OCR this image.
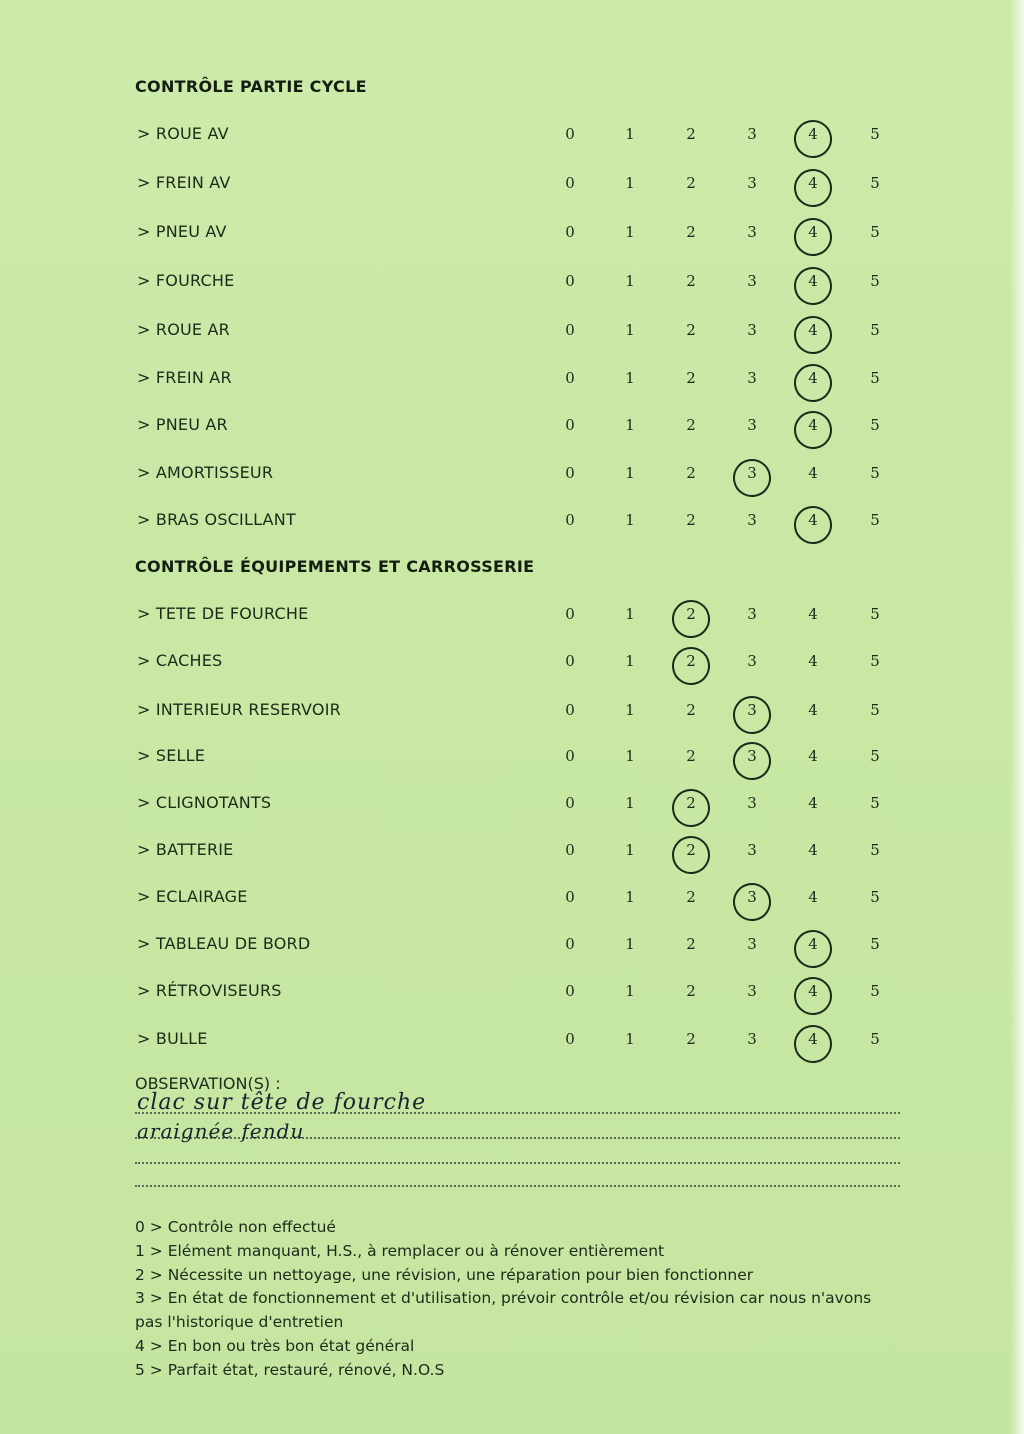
CONTRÔLE PARTIE CYCLE
> ROUE AV	0	1	2	3	4	5
> FREIN AV	0	1	2	3	4	5
> PNEU AV	0	1	2	3	4	5
> FOURCHE	0	1	2	3	4	5
> ROUE AR	0	1	2	3	4	5
> FREIN AR	0	1	2	3	4	5
> PNEU AR	0	1	2	3	4	5
> AMORTISSEUR	0	1	2	3	4	5
> BRAS OSCILLANT	0	1	2	3	4	5
CONTRÔLE ÉQUIPEMENTS ET CARROSSERIE
> TETE DE FOURCHE	0	1	2	3	4	5
> CACHES	0	1	2	3	4	5
> INTERIEUR RESERVOIR	0	1	2	3	4	5
> SELLE	0	1	2	3	4	5
> CLIGNOTANTS	0	1	2	3	4	5
> BATTERIE	0	1	2	3	4	5
> ECLAIRAGE	0	1	2	3	4	5
> TABLEAU DE BORD	0	1	2	3	4	5
> RÉTROVISEURS	0	1	2	3	4	5
> BULLE	0	1	2	3	4	5
OBSERVATION(S) :
clac sur tête de fourche
araignée fendu
0 > Contrôle non effectué
1 > Elément manquant, H.S., à remplacer ou à rénover entièrement
2 > Nécessite un nettoyage, une révision, une réparation pour bien fonctionner
3 > En état de fonctionnement et d'utilisation, prévoir contrôle et/ou révision car nous n'avons pas l'historique d'entretien
4 > En bon ou très bon état général
5 > Parfait état, restauré, rénové, N.O.S
